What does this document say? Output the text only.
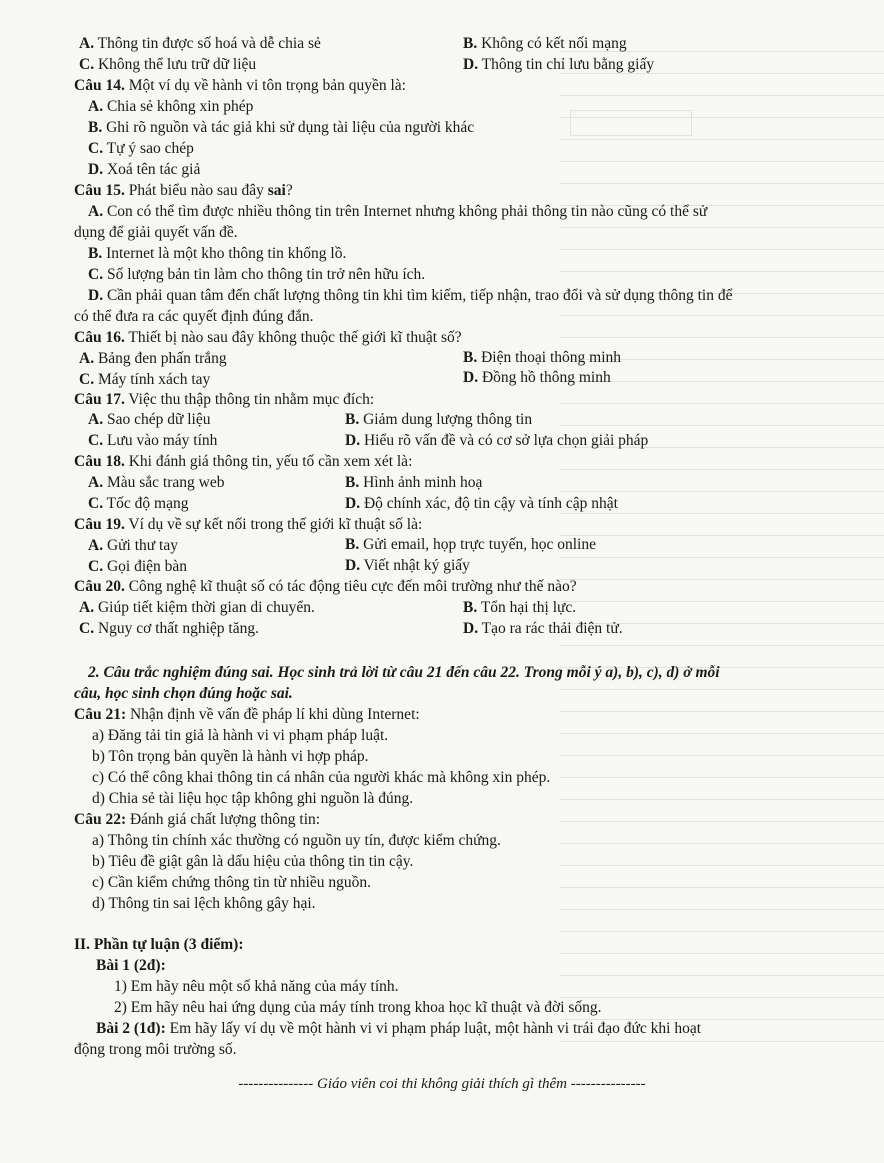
A. Thông tin được số hoá và dễ chia sẻ	B. Không có kết nối mạng
C. Không thể lưu trữ dữ liệu	D. Thông tin chỉ lưu bằng giấy
Câu 14. Một ví dụ về hành vi tôn trọng bản quyền là:
A. Chia sẻ không xin phép
B. Ghi rõ nguồn và tác giả khi sử dụng tài liệu của người khác
C. Tự ý sao chép
D. Xoá tên tác giả
Câu 15. Phát biểu nào sau đây sai?
A. Con có thể tìm được nhiều thông tin trên Internet nhưng không phải thông tin nào cũng có thể sử
dụng để giải quyết vấn đề.
B. Internet là một kho thông tin khổng lồ.
C. Số lượng bản tin làm cho thông tin trở nên hữu ích.
D. Cần phải quan tâm đến chất lượng thông tin khi tìm kiếm, tiếp nhận, trao đổi và sử dụng thông tin để
có thể đưa ra các quyết định đúng đắn.
Câu 16. Thiết bị nào sau đây không thuộc thế giới kĩ thuật số?
A. Bảng đen phấn trắng	B. Điện thoại thông minh
C. Máy tính xách tay	D. Đồng hồ thông minh
Câu 17. Việc thu thập thông tin nhằm mục đích:
A. Sao chép dữ liệu	B. Giảm dung lượng thông tin
C. Lưu vào máy tính	D. Hiểu rõ vấn đề và có cơ sở lựa chọn giải pháp
Câu 18. Khi đánh giá thông tin, yếu tố cần xem xét là:
A. Màu sắc trang web	B. Hình ảnh minh hoạ
C. Tốc độ mạng	D. Độ chính xác, độ tin cậy và tính cập nhật
Câu 19. Ví dụ về sự kết nối trong thế giới kĩ thuật số là:
A. Gửi thư tay	B. Gửi email, họp trực tuyến, học online
C. Gọi điện bàn	D. Viết nhật ký giấy
Câu 20. Công nghệ kĩ thuật số có tác động tiêu cực đến môi trường như thế nào?
A. Giúp tiết kiệm thời gian di chuyển.	B. Tổn hại thị lực.
C. Nguy cơ thất nghiệp tăng.	D. Tạo ra rác thải điện tử.
2. Câu trắc nghiệm đúng sai. Học sinh trả lời từ câu 21 đến câu 22. Trong mỗi ý a), b), c), d) ở mỗi
câu, học sinh chọn đúng hoặc sai.
Câu 21: Nhận định về vấn đề pháp lí khi dùng Internet:
a) Đăng tải tin giả là hành vi vi phạm pháp luật.
b) Tôn trọng bản quyền là hành vi hợp pháp.
c) Có thể công khai thông tin cá nhân của người khác mà không xin phép.
d) Chia sẻ tài liệu học tập không ghi nguồn là đúng.
Câu 22: Đánh giá chất lượng thông tin:
a) Thông tin chính xác thường có nguồn uy tín, được kiểm chứng.
b) Tiêu đề giật gân là dấu hiệu của thông tin tin cậy.
c) Cần kiểm chứng thông tin từ nhiều nguồn.
d) Thông tin sai lệch không gây hại.
II. Phần tự luận (3 điểm):
Bài 1 (2đ):
1) Em hãy nêu một số khả năng của máy tính.
2) Em hãy nêu hai ứng dụng của máy tính trong khoa học kĩ thuật và đời sống.
Bài 2 (1đ): Em hãy lấy ví dụ về một hành vi vi phạm pháp luật, một hành vi trái đạo đức khi hoạt
động trong môi trường số.
--------------- Giáo viên coi thi không giải thích gì thêm ---------------
